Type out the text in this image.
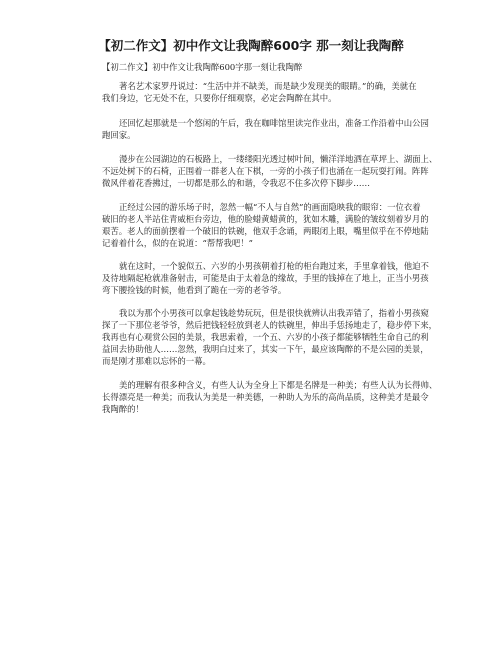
【初二作文】初中作文让我陶醉600字 那一刻让我陶醉
【初二作文】初中作文让我陶醉600字那一刻让我陶醉
著名艺术家罗丹说过：“生活中并不缺美，而是缺少发现美的眼睛。”的确，美就在
我们身边，它无处不在，只要你仔细观察，必定会陶醉在其中。
还回忆起那就是一个悠闲的午后，我在咖啡馆里读完作业出，准备工作沿着中山公园
跑回家。
漫步在公园湖边的石板路上，一缕缕阳光透过树叶间，懒洋洋地洒在草坪上、湖面上、
不远处树下的石椅，正围着一群老人在下棋，一旁的小孩子们也涌在一起玩耍打闹。阵阵
微风伴着花香拂过，一切都是那么的和谐，令我忍不住多次停下脚步……
正经过公园的游乐场子时，忽然一幅“不人与自然”的画面隐映我的眼帘：一位衣着
破旧的老人半站住青威柜台旁边，他的脸蜡黄蜡黄的，犹如木雕，满脸的皱纹刻着岁月的
艰苦。老人的面前摆着一个破旧的铁碗，他双手念诵，两眼闭上眼，嘴里似乎在不停地陆
记着着什么，似的在说道：“帮帮我吧！”
就在这时，一个貌似五、六岁的小男孩朝着打枪的柜台跑过来，手里拿着钱，他迫不
及待地隔起枪就准备射击，可能是由于太着急的缘故，手里的钱掉在了地上，正当小男孩
弯下腰捡钱的时候，他看到了跪在一旁的老爷爷。
我以为那个小男孩可以拿起钱趁势玩玩，但是很快就辨认出我弄错了，指着小男孩窥
探了一下那位老爷爷，然后把钱轻轻放到老人的铁碗里，伸出手恁扬地走了，稳步停下来，
我再也有心观赏公园的美景，我思索着，一个五、六岁的小孩子都能够牺牲生命自己的利
益回去协助他人……忽然，我明白过来了，其实一下午，最应该陶醉的不是公园的美景，
而是刚才那难以忘怀的一幕。
美的理解有很多种含义，有些人认为全身上下都是名牌是一种美；有些人认为长得帅、
长得漂亮是一种美；而我认为美是一种美德，一种助人为乐的高尚品质，这种美才是最令
我陶醉的！
